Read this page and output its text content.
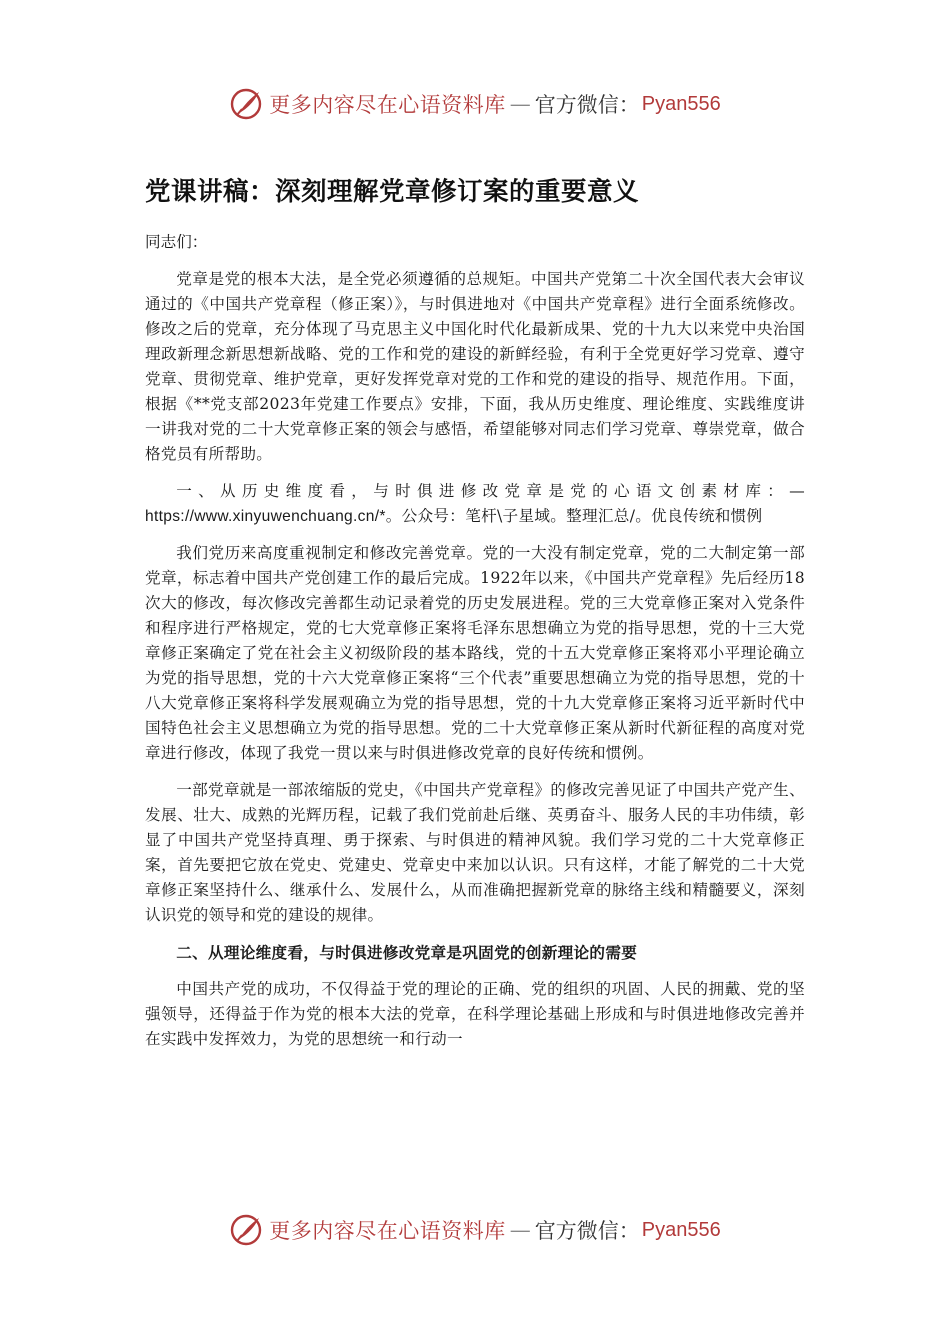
更多内容尽在心语资料库 — 官方微信： Pyan556
党课讲稿：深刻理解党章修订案的重要意义
同志们：

党章是党的根本大法，是全党必须遵循的总规矩。中国共产党第二十次全国代表大会审议通过的《中国共产党章程（修正案）》，与时俱进地对《中国共产党章程》进行全面系统修改。修改之后的党章，充分体现了马克思主义中国化时代化最新成果、党的十九大以来党中央治国理政新理念新思想新战略、党的工作和党的建设的新鲜经验，有利于全党更好学习党章、遵守党章、贯彻党章、维护党章，更好发挥党章对党的工作和党的建设的指导、规范作用。下面，根据《**党支部2023年党建工作要点》安排，下面，我从历史维度、理论维度、实践维度讲一讲我对党的二十大党章修正案的领会与感悟，希望能够对同志们学习党章、尊崇党章，做合格党员有所帮助。

一、从历史维度看，与时俱进修改党章是党的心语文创素材库：—https://www.xinyuwenchuang.cn/*。公众号：笔杆\子星域。整理汇总/。优良传统和惯例

我们党历来高度重视制定和修改完善党章。党的一大没有制定党章，党的二大制定第一部党章，标志着中国共产党创建工作的最后完成。1922年以来，《中国共产党章程》先后经历18次大的修改，每次修改完善都生动记录着党的历史发展进程。党的三大党章修正案对入党条件和程序进行严格规定，党的七大党章修正案将毛泽东思想确立为党的指导思想，党的十三大党章修正案确定了党在社会主义初级阶段的基本路线，党的十五大党章修正案将邓小平理论确立为党的指导思想，党的十六大党章修正案将“三个代表”重要思想确立为党的指导思想，党的十八大党章修正案将科学发展观确立为党的指导思想，党的十九大党章修正案将习近平新时代中国特色社会主义思想确立为党的指导思想。党的二十大党章修正案从新时代新征程的高度对党章进行修改，体现了我党一贯以来与时俱进修改党章的良好传统和惯例。

一部党章就是一部浓缩版的党史，《中国共产党章程》的修改完善见证了中国共产党产生、发展、壮大、成熟的光辉历程，记载了我们党前赴后继、英勇奋斗、服务人民的丰功伟绩，彰显了中国共产党坚持真理、勇于探索、与时俱进的精神风貌。我们学习党的二十大党章修正案，首先要把它放在党史、党建史、党章史中来加以认识。只有这样，才能了解党的二十大党章修正案坚持什么、继承什么、发展什么，从而准确把握新党章的脉络主线和精髓要义，深刻认识党的领导和党的建设的规律。

二、从理论维度看，与时俱进修改党章是巩固党的创新理论的需要

中国共产党的成功，不仅得益于党的理论的正确、党的组织的巩固、人民的拥戴、党的坚强领导，还得益于作为党的根本大法的党章，在科学理论基础上形成和与时俱进地修改完善并在实践中发挥效力，为党的思想统一和行动一

更多内容尽在心语资料库 — 官方微信： Pyan556
